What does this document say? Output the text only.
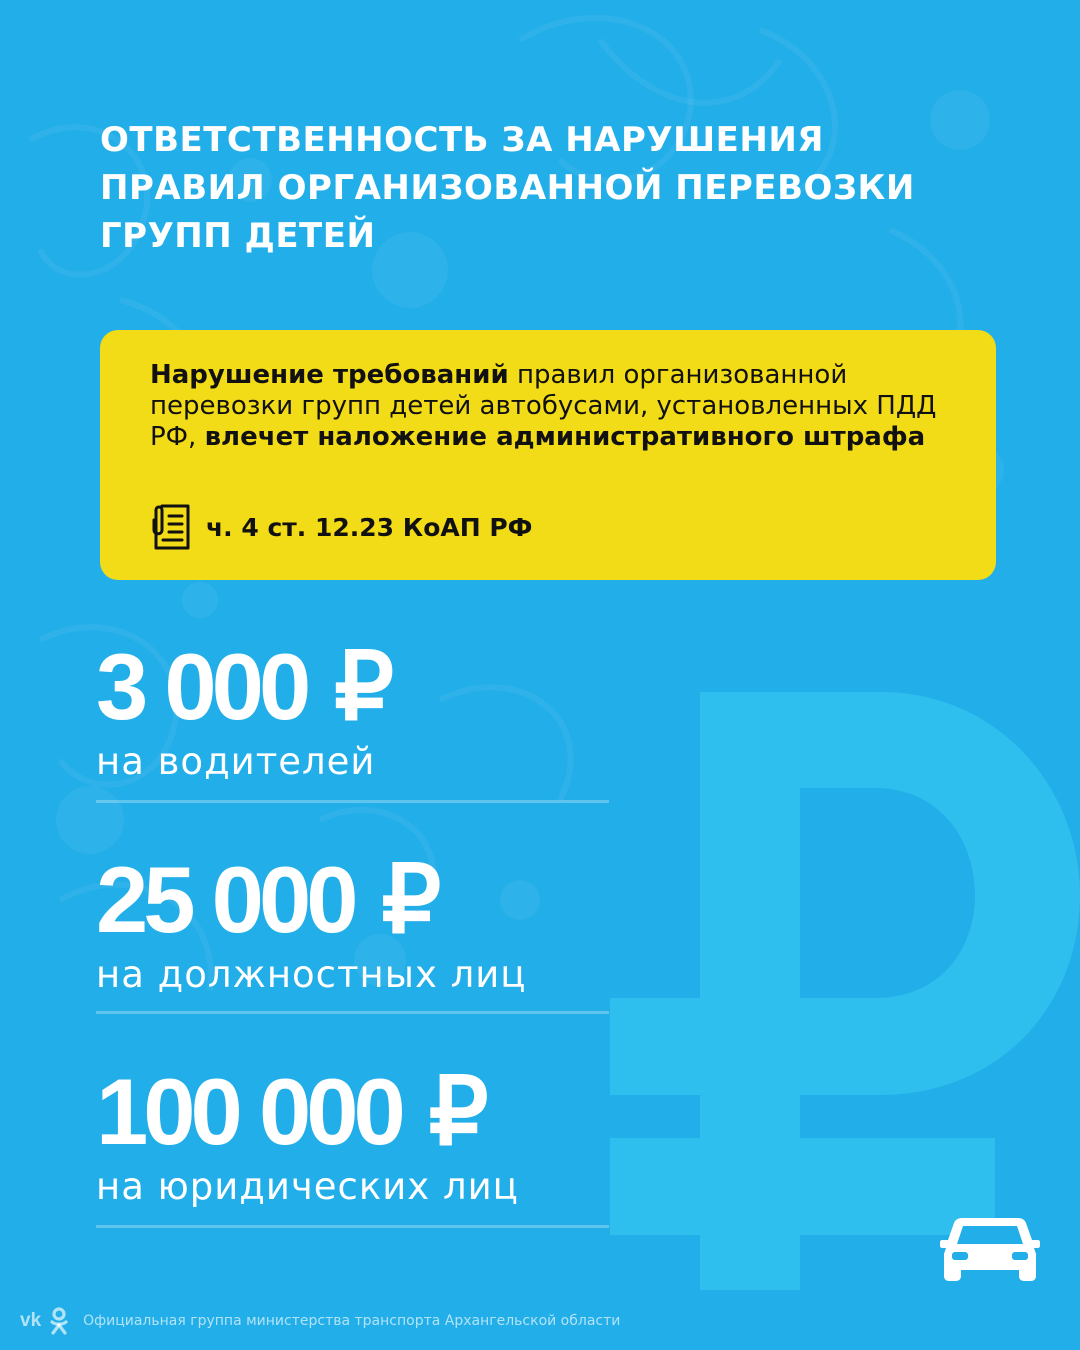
ОТВЕТСТВЕННОСТЬ ЗА НАРУШЕНИЯ
ПРАВИЛ ОРГАНИЗОВАННОЙ ПЕРЕВОЗКИ
ГРУПП ДЕТЕЙ

Нарушение требований правил организованной перевозки групп детей автобусами, установленных ПДД РФ, влечет наложение административного штрафа

ч. 4 ст. 12.23 КоАП РФ
3 000 ₽
на водителей
25 000 ₽
на должностных лиц
100 000 ₽
на юридических лиц
vk	Официальная группа министерства транспорта Архангельской области
